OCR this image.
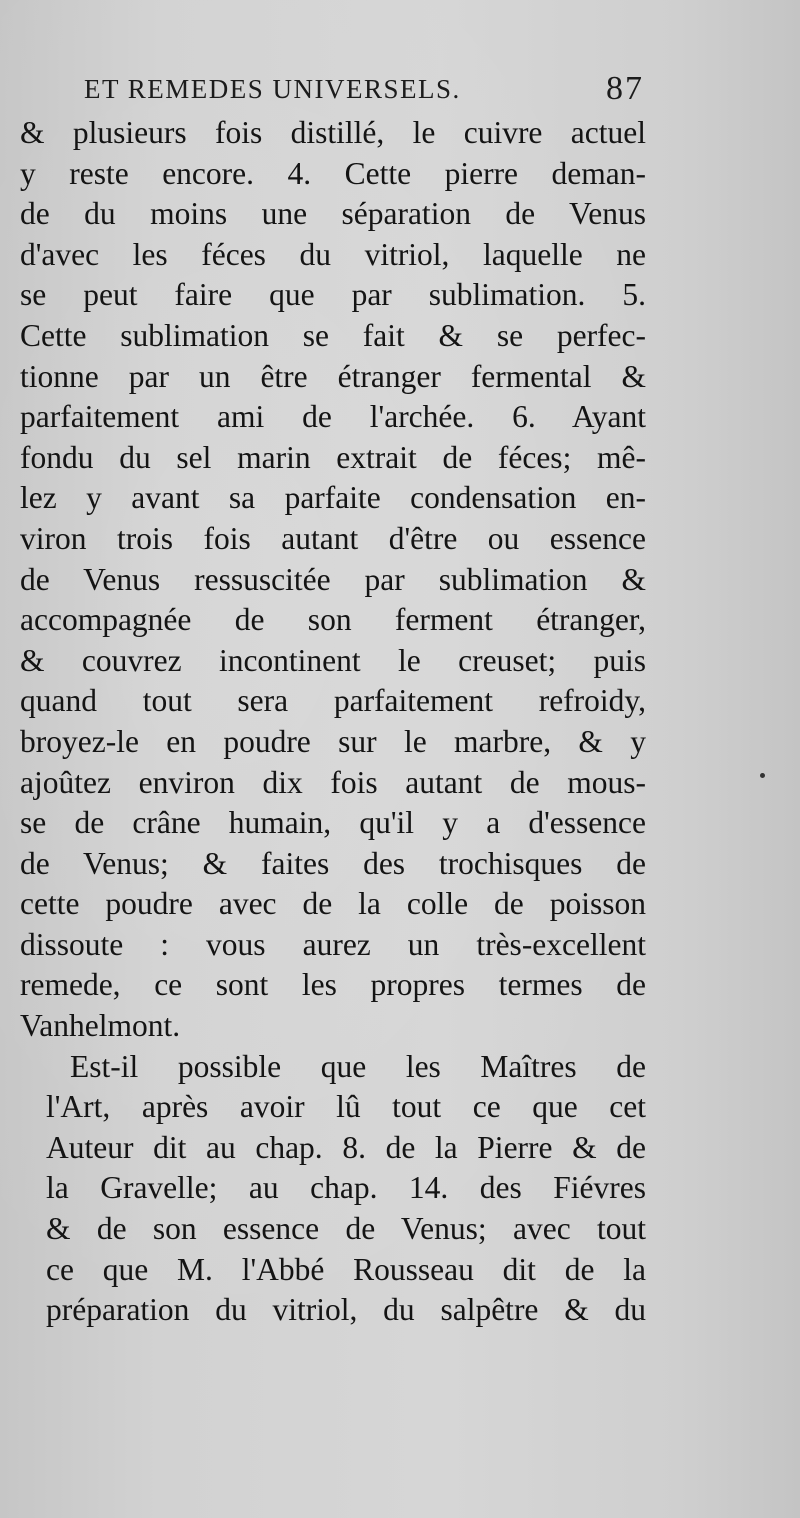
ET REMEDES UNIVERSELS.	87
& plusieurs fois distillé, le cuivre actuel
y reste encore. 4. Cette pierre deman-
de du moins une séparation de Venus
d'avec les féces du vitriol, laquelle ne
se peut faire que par sublimation. 5.
Cette sublimation se fait & se perfec-
tionne par un être étranger fermental &
parfaitement ami de l'archée. 6. Ayant
fondu du sel marin extrait de féces; mê-
lez y avant sa parfaite condensation en-
viron trois fois autant d'être ou essence
de Venus ressuscitée par sublimation &
accompagnée de son ferment étranger,
& couvrez incontinent le creuset; puis
quand tout sera parfaitement refroidy,
broyez-le en poudre sur le marbre, & y
ajoûtez environ dix fois autant de mous-
se de crâne humain, qu'il y a d'essence
de Venus; & faites des trochisques de
cette poudre avec de la colle de poisson
dissoute : vous aurez un très-excellent
remede, ce sont les propres termes de
Vanhelmont.
Est-il possible que les Maîtres de
l'Art, après avoir lû tout ce que cet
Auteur dit au chap. 8. de la Pierre & de
la Gravelle; au chap. 14. des Fiévres
& de son essence de Venus; avec tout
ce que M. l'Abbé Rousseau dit de la
préparation du vitriol, du salpêtre & du
